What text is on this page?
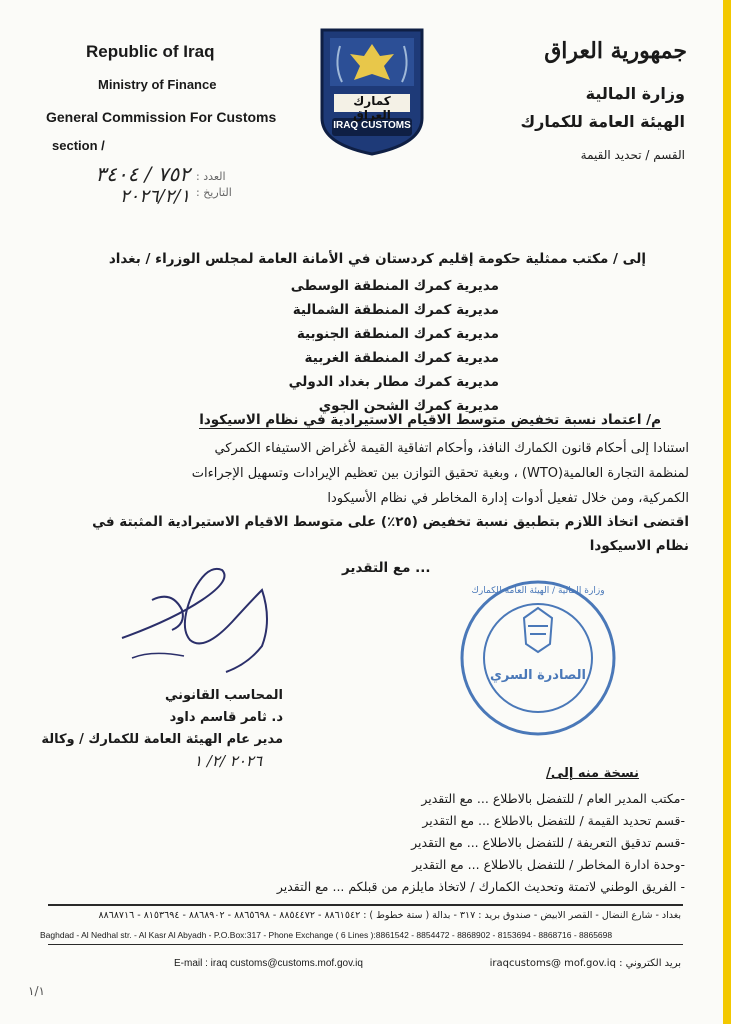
Republic of Iraq
Ministry of Finance
General Commission For Customs
section /
كمارك العراق
IRAQ CUSTOMS
جمهورية العراق
وزارة المالية
الهيئة العامة للكمارك
القسم / تحديد القيمة
العدد :
التاريخ :
٧٥٢ / ٣٤٠٤
٢٠٢٦/٢/١
إلى / مكتب ممثلية حكومة إقليم كردستان في الأمانة العامة لمجلس الوزراء / بغداد
مديرية كمرك المنطقة الوسطى
مديرية كمرك المنطقة الشمالية
مديرية كمرك المنطقة الجنوبية
مديرية كمرك المنطقة الغربية
مديرية كمرك مطار بغداد الدولي
مديرية كمرك الشحن الجوي
م/ اعتماد نسبة تخفيض متوسط الاقيام الاستيرادية في نظام الاسيكودا
استنادا إلى أحكام قانون الكمارك النافذ، وأحكام اتفاقية القيمة لأغراض الاستيفاء الكمركي
لمنظمة التجارة العالمية(WTO) ، وبغية تحقيق التوازن بين تعظيم الإيرادات وتسهيل الإجراءات
الكمركية، ومن خلال تفعيل أدوات إدارة المخاطر في نظام الأسيكودا
اقتضى اتخاذ اللازم بتطبيق نسبة تخفيض (٢٥٪) على متوسط الاقيام الاستيرادية المثبتة في
نظام الاسيكودا
... مع التقدير
المحاسب القانوني
د. ثامر قاسم داود
مدير عام الهيئة العامة للكمارك / وكالة
٢٠٢٦ /٢/ ١
وزارة المالية / الهيئة العامة للكمارك
الصادرة السري
نسخة منه إلى/
-مكتب المدير العام / للتفضل بالاطلاع ... مع التقدير
-قسم تحديد القيمة / للتفضل بالاطلاع ... مع التقدير
-قسم تدقيق التعريفة / للتفضل بالاطلاع ... مع التقدير
-وحدة ادارة المخاطر / للتفضل بالاطلاع ... مع التقدير
- الفريق الوطني لاتمتة وتحديث الكمارك / لاتخاذ مايلزم من قبلكم ... مع التقدير
بغداد - شارع النضال - القصر الابيض - صندوق بريد : ٣١٧ - بدالة ( ستة خطوط ) : ٨٨٦١٥٤٢ - ٨٨٥٤٤٧٢ - ٨٨٦٥٦٩٨ - ٨٨٦٨٩٠٢ - ٨١٥٣٦٩٤ - ٨٨٦٨٧١٦
Baghdad - Al Nedhal str. - Al Kasr Al Abyadh - P.O.Box:317 - Phone Exchange ( 6 Lines ):8861542 - 8854472 - 8868902 - 8153694 - 8868716 - 8865698
E-mail : iraq customs@customs.mof.gov.iq	بريد الكتروني : iraqcustoms@ mof.gov.iq
١/١
